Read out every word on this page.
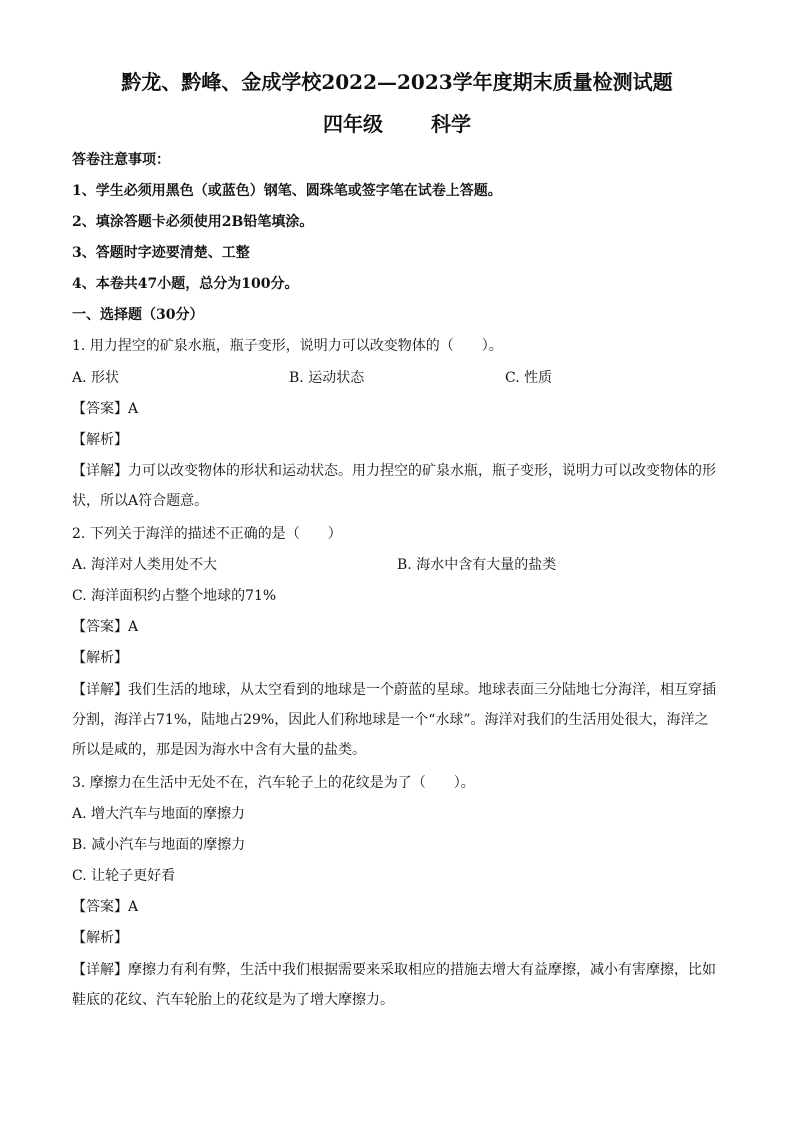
黔龙、黔峰、金成学校2022—2023学年度期末质量检测试题
四年级 科学
答卷注意事项：
1、学生必须用黑色（或蓝色）钢笔、圆珠笔或签字笔在试卷上答题。
2、填涂答题卡必须使用2B铅笔填涂。
3、答题时字迹要清楚、工整
4、本卷共47小题，总分为100分。
一、选择题（30分）
1. 用力捏空的矿泉水瓶，瓶子变形，说明力可以改变物体的（　　）。
A. 形状	B. 运动状态	C. 性质
【答案】A
【解析】
【详解】力可以改变物体的形状和运动状态。用力捏空的矿泉水瓶，瓶子变形，说明力可以改变物体的形状，所以A符合题意。
2. 下列关于海洋的描述不正确的是（　　）
A. 海洋对人类用处不大	B. 海水中含有大量的盐类
C. 海洋面积约占整个地球的71%
【答案】A
【解析】
【详解】我们生活的地球，从太空看到的地球是一个蔚蓝的星球。地球表面三分陆地七分海洋，相互穿插分割，海洋占71%，陆地占29%，因此人们称地球是一个“水球”。海洋对我们的生活用处很大，海洋之所以是咸的，那是因为海水中含有大量的盐类。
3. 摩擦力在生活中无处不在，汽车轮子上的花纹是为了（　　）。
A. 增大汽车与地面的摩擦力
B. 减小汽车与地面的摩擦力
C. 让轮子更好看
【答案】A
【解析】
【详解】摩擦力有利有弊，生活中我们根据需要来采取相应的措施去增大有益摩擦，减小有害摩擦，比如鞋底的花纹、汽车轮胎上的花纹是为了增大摩擦力。
